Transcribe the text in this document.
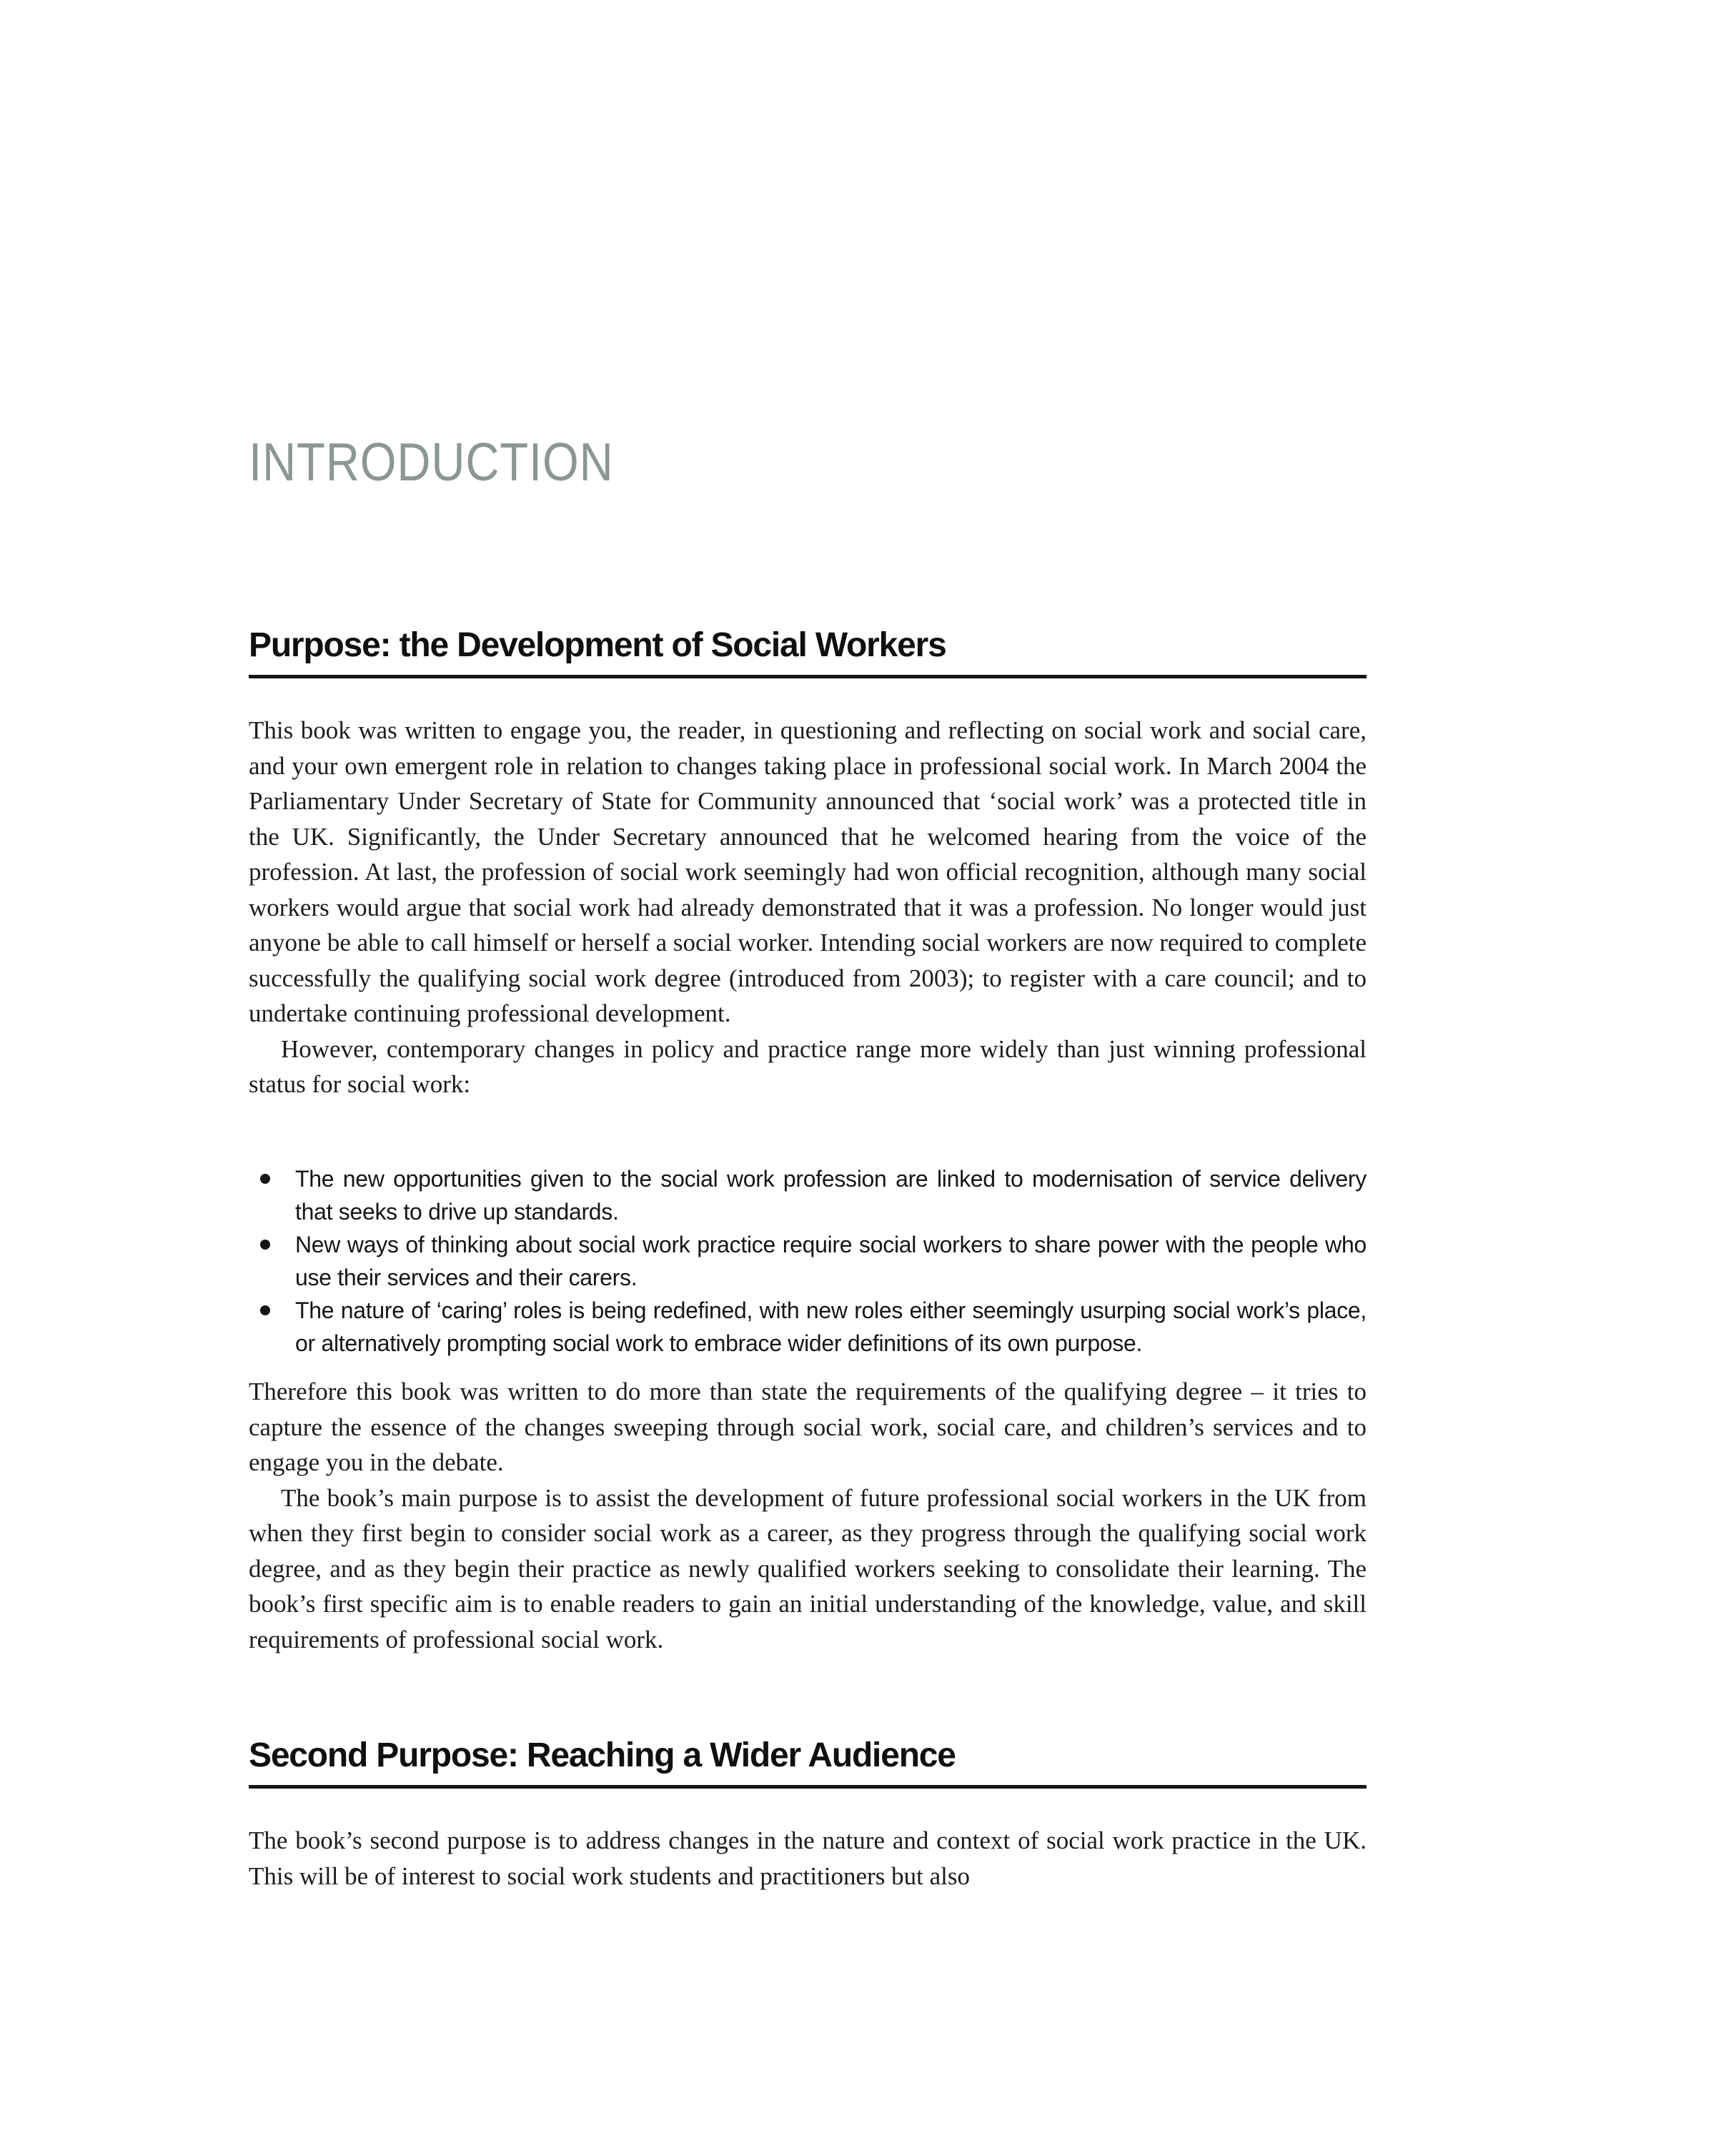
INTRODUCTION
Purpose: the Development of Social Workers

This book was written to engage you, the reader, in questioning and reflecting on social work and social care, and your own emergent role in relation to changes taking place in professional social work. In March 2004 the Parliamentary Under Secretary of State for Community announced that ‘social work’ was a protected title in the UK. Significantly, the Under Secretary announced that he welcomed hearing from the voice of the profession. At last, the profession of social work seemingly had won official recognition, although many social workers would argue that social work had already demonstrated that it was a profession. No longer would just anyone be able to call himself or herself a social worker. Intending social workers are now required to complete successfully the qualifying social work degree (introduced from 2003); to register with a care council; and to undertake continuing professional development.

However, contemporary changes in policy and practice range more widely than just winning professional status for social work:

The new opportunities given to the social work profession are linked to modernisation of service delivery that seeks to drive up standards.
New ways of thinking about social work practice require social workers to share power with the people who use their services and their carers.
The nature of ‘caring’ roles is being redefined, with new roles either seemingly usurping social work’s place, or alternatively prompting social work to embrace wider definitions of its own purpose.

Therefore this book was written to do more than state the requirements of the qualifying degree – it tries to capture the essence of the changes sweeping through social work, social care, and children’s services and to engage you in the debate.

The book’s main purpose is to assist the development of future professional social workers in the UK from when they first begin to consider social work as a career, as they progress through the qualifying social work degree, and as they begin their practice as newly qualified workers seeking to consolidate their learning. The book’s first specific aim is to enable readers to gain an initial understanding of the knowledge, value, and skill requirements of professional social work.

Second Purpose: Reaching a Wider Audience

The book’s second purpose is to address changes in the nature and context of social work practice in the UK. This will be of interest to social work students and practitioners but also
